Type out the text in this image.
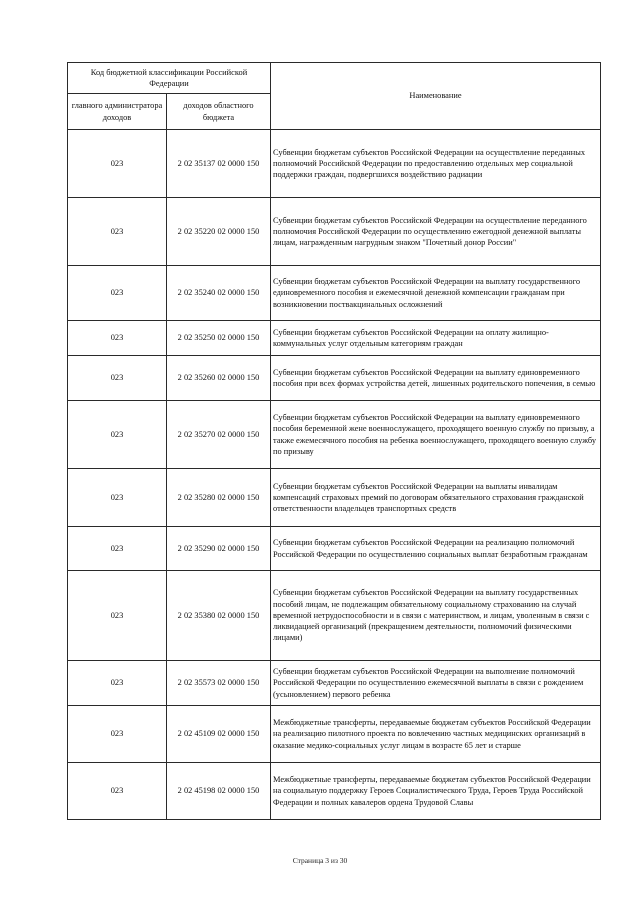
Код бюджетной классификации Российской Федерации		Наименование
главного администратора доходов	доходов областного бюджета	
023	2 02 35137 02 0000 150	Субвенции бюджетам субъектов Российской Федерации на осуществление переданных полномочий Российской Федерации по предоставлению отдельных мер социальной поддержки граждан, подвергшихся воздействию радиации
023	2 02 35220 02 0000 150	Субвенции бюджетам субъектов Российской Федерации на осуществление переданного полномочия Российской Федерации по осуществлению ежегодной денежной выплаты лицам, награжденным нагрудным знаком "Почетный донор России"
023	2 02 35240 02 0000 150	Субвенции бюджетам субъектов Российской Федерации на выплату государственного единовременного пособия и ежемесячной денежной компенсации гражданам при возникновении поствакцинальных осложнений
023	2 02 35250 02 0000 150	Субвенции бюджетам субъектов Российской Федерации на оплату жилищно-коммунальных услуг отдельным категориям граждан
023	2 02 35260 02 0000 150	Субвенции бюджетам субъектов Российской Федерации на выплату единовременного пособия при всех формах устройства детей, лишенных родительского попечения, в семью
023	2 02 35270 02 0000 150	Субвенции бюджетам субъектов Российской Федерации на выплату единовременного пособия беременной жене военнослужащего, проходящего военную службу по призыву, а также ежемесячного пособия на ребенка военнослужащего, проходящего военную службу по призыву
023	2 02 35280 02 0000 150	Субвенции бюджетам субъектов Российской Федерации на выплаты инвалидам компенсаций страховых премий по договорам обязательного страхования гражданской ответственности владельцев транспортных средств
023	2 02 35290 02 0000 150	Субвенции бюджетам субъектов Российской Федерации на реализацию полномочий Российской Федерации по осуществлению социальных выплат безработным гражданам
023	2 02 35380 02 0000 150	Субвенции бюджетам субъектов Российской Федерации на выплату государственных пособий лицам, не подлежащим обязательному социальному страхованию на случай временной нетрудоспособности и в связи с материнством, и лицам, уволенным в связи с ликвидацией организаций (прекращением деятельности, полномочий физическими лицами)
023	2 02 35573 02 0000 150	Субвенции бюджетам субъектов Российской Федерации на выполнение полномочий Российской Федерации по осуществлению ежемесячной выплаты в связи с рождением (усыновлением) первого ребенка
023	2 02 45109 02 0000 150	Межбюджетные трансферты, передаваемые бюджетам субъектов Российской Федерации на реализацию пилотного проекта по вовлечению частных медицинских организаций в оказание медико-социальных услуг лицам в возрасте 65 лет и старше
023	2 02 45198 02 0000 150	Межбюджетные трансферты, передаваемые бюджетам субъектов Российской Федерации на социальную поддержку Героев Социалистического Труда, Героев Труда Российской Федерации и полных кавалеров ордена Трудовой Славы
Страница 3 из 30
